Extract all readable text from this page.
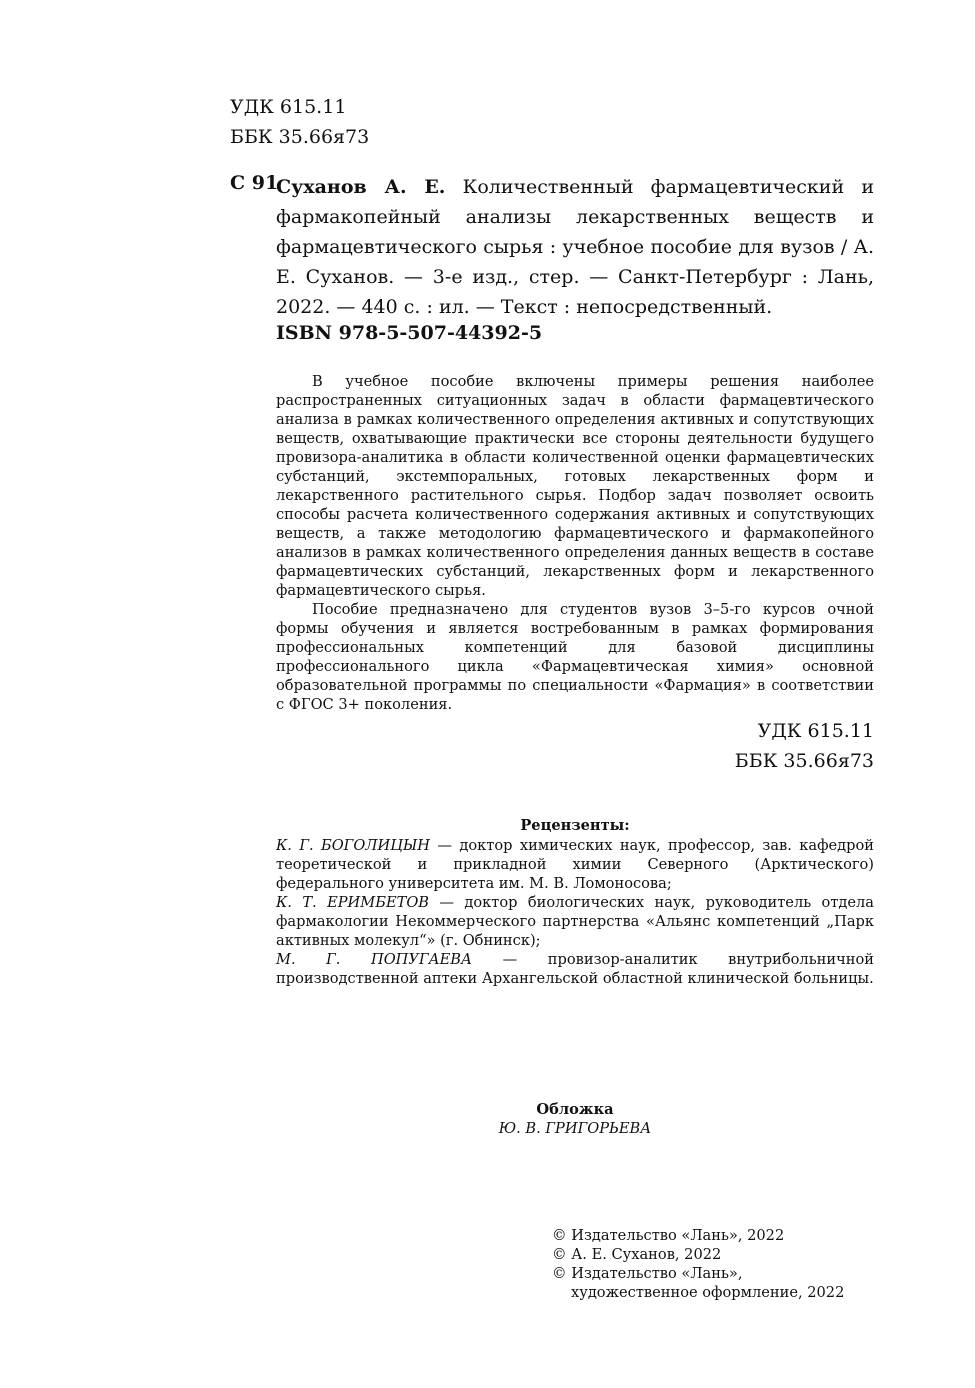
УДК 615.11
ББК 35.66я73
С 91
Суханов А. Е. Количественный фармацевтический и фармакопейный анализы лекарственных веществ и фармацевтического сырья : учебное пособие для вузов / А. Е. Суханов. — 3-е изд., стер. — Санкт-Петербург : Лань, 2022. — 440 с. : ил. — Текст : непосредственный.
ISBN 978-5-507-44392-5

В учебное пособие включены примеры решения наиболее распространенных ситуационных задач в области фармацевтического анализа в рамках количественного определения активных и сопутствующих веществ, охватывающие практически все стороны деятельности будущего провизора-аналитика в области количественной оценки фармацевтических субстанций, экстемпоральных, готовых лекарственных форм и лекарственного растительного сырья. Подбор задач позволяет освоить способы расчета количественного содержания активных и сопутствующих веществ, а также методологию фармацевтического и фармакопейного анализов в рамках количественного определения данных веществ в составе фармацевтических субстанций, лекарственных форм и лекарственного фармацевтического сырья.

Пособие предназначено для студентов вузов 3–5-го курсов очной формы обучения и является востребованным в рамках формирования профессиональных компетенций для базовой дисциплины профессионального цикла «Фармацевтическая химия» основной образовательной программы по специальности «Фармация» в соответствии с ФГОС 3+ поколения.

УДК 615.11
ББК 35.66я73
Рецензенты:

К. Г. БОГОЛИЦЫН — доктор химических наук, профессор, зав. кафедрой теоретической и прикладной химии Северного (Арктического) федерального университета им. М. В. Ломоносова;

К. Т. ЕРИМБЕТОВ — доктор биологических наук, руководитель отдела фармакологии Некоммерческого партнерства «Альянс компетенций „Парк активных молекул“» (г. Обнинск);

М. Г. ПОПУГАЕВА — провизор-аналитик внутрибольничной производственной аптеки Архангельской областной клинической больницы.

Обложка
Ю. В. ГРИГОРЬЕВА
© Издательство «Лань», 2022
© А. Е. Суханов, 2022
© Издательство «Лань»,
художественное оформление, 2022
